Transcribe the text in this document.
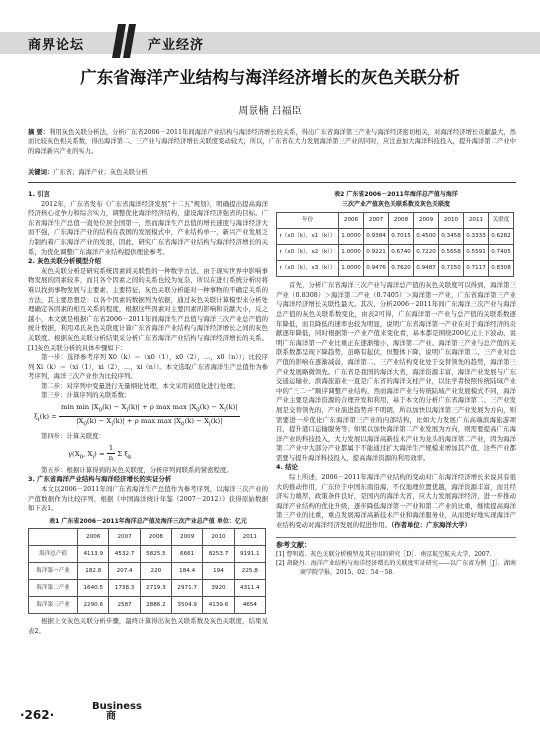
商界论坛	产业经济
广东省海洋产业结构与海洋经济增长的灰色关联分析
周景楠 吕福臣
摘 要：利用灰色关联分析法，分析广东省2006－2011年间海洋产业结构与海洋经济增长的关系，得出广东省海洋第三产业与海洋经济密切相关，对海洋经济增长贡献最大，然而比较灰色相关系数，得出海洋第二、三产业与海洋经济增长关联度变动较大，所以，广东省在大力发展海洋第三产业的同时，应注意加大海洋科技投入，提升海洋第二产业中的海洋新兴产业的实力。
关键词：广东省；海洋产业；灰色关联分析

1. 引言

2012年，广东省发布《广东省海洋经济发展“十二五”规划》，明确提出提高海洋经济核心竞争力和综合实力，调整优化海洋经济结构，建设海洋经济强省的目标。广东省海洋生产总值一直处位居全国第一，然而海洋生产总值的增长速度与海洋经济大而不强，广东海洋产业的结构在我国的发展模式中，产业结构单一，新兴产业发展乏力制约着广东海洋产业的发展，因此，研究广东省海洋产业结构与海洋经济增长的关系，为优化调整广东海洋产业结构提供理论参考。

2. 灰色关联分析模型介绍

灰色关联分析是研究系统因素间关联性的一种数学方法，由于现实世界中影响事物发展的因素较多，而且各个因素之间的关系也较为复杂，所以在进行系统分析时将难以找到事物发展与主要素、主要特征，灰色关联分析能对一种事物的不确定关系的方法，其主要思想是：以各个因素的数据列为依据，通过灰色关联计算模型来分析处理确定各因素的相互关系的程度，根据这些因素对主要因素的影响和贡献大小，反之越小，本文就是根据广东省2006－2011年间海洋生产总值与海洋三次产业总产值的统计数据，利用邓氏灰色关联度计算广东省海洋产业结构与海洋经济增长之间的灰色关联度。根据灰色关联分析结果采分析广东省海洋产业结构与海洋经济增长的关系。[1]灰色关联分析的具体步骤如下：

第一步：选择参考序列 X0（k）＝（x0（1），x0（2），…，x0（n））；比较序列 Xi（k）＝（xi（1），xi（2），…，xi（n））。本文选取广东省海洋生产总值作为参考序列，海洋三次产业作为比较序列。

第二步：对序列中变量进行无量纲化处理，本文采用初值化进行处理；

第三步：计算序列的关联系数：

$\xi_i(k) = \frac{\min \min |X_0(k) - X_i(k)| + \rho \max \max |X_0(k) - X_i(k)|}{|X_0(k) - X_i(k)| + \rho \max \max |X_0(k) - X_i(k)|}$

第四步：计算关联度：

$\gamma(X_0$, $X_i) = \frac{1}{n}$ Σ $\xi_k$

第五步：根据计算得到的灰色关联度，分析序列间联系的紧密程度。

3. 广东省海洋产业结构与海洋经济增长的实证分析

本文以2006－2011年间广东省海洋生产总值作为参考序列，以海洋三次产业的产值数据作为比较序列，根据《中国海洋统计年鉴（2007－2012）》获得原始数据如下表1。

表1 广东省2006－2011年海洋总产值及海洋三次产业总产值 单位：亿元
	2006	2007	2008	2009	2010	2011
海洋总产值	4113.9	4532.7	5825.5	6661	8253.7	9191.1
海洋第一产业	182.8	207.4	220	184.4	194	225.8
海洋第二产业	1640.5	1738.3	2719.3	2971.7	3920	4311.4
海洋第三产业	2290.6	2587	2886.2	3504.9	4139.6	4654

根据上文灰色关联分析步骤，最终计算得出灰色关联系数及灰色关联度，结果见表2。

表2 广东省2006－2011年海洋总产值与海洋
三次产业产值灰色关联系数及灰色关联度
年份	2006	2007	2008	2009	2010	2011	关联度
r（x0（k），x1（k））	1.0000	0.9384	0.7015	0.4500	0.3458	0.3333	0.6282
r（x0（k），x2（k））	1.0000	0.9221	0.6740	0.7220	0.5658	0.5591	0.7405
r（x0（k），x3（k））	1.0000	0.9476	0.7620	0.9487	0.7150	0.7117	0.8308

首先，分析广东省海洋三次产业与海洋总产值的灰色关联度可以得到，海洋第三产业（0.8308）＞海洋第二产业（0.7405）＞海洋第一产业，广东省海洋第三产业与海洋经济增长关联性最大。其次，分析2006－2011年间广东海洋三次产业与海洋总产值的灰色关联系数变化，由表2可得，广东海洋第一产业与总产值的关联系数逐年降低，而且降低的速率也较为明显，说明广东省海洋第一产业在对于海洋经济的贡献逐年降低，同时根据第一产业产值来变化看，基本都是围绕200亿元上下波动，说明广东海洋第一产业比重正在逐渐缩小，海洋第二产业、海洋第三产业与总产值的关联系数都呈现下降趋势，虽略有起伏，但整体下降，说明广东海洋第二、三产业对总产值的影响在逐渐减弱，海洋第二、三产业结构变化处于交替领先的趋势，海洋第三产业发展略微领先。广东省是我国的海洋大省，海洋资源丰富，海洋产业发展与广东交通运输业、滨海旅游业一直是广东省的海洋支柱产业，以往学者按照传统陆域产业中的“三二一”顺序调整产业结构，然而海洋产业与传统陆域产业发展模式不同，海洋产业主要是海洋资源的合理开发和利用，基于本文的分析广东省海洋第二、三产业发展是交替领先的，产业演进趋势并不明朗，所以加快以海洋第三产业发展为方向，则需要进一步优化广东海洋第三产业的内部结构，比如大力发展广东高端滨海旅游项目，提升港口运输服务等；如果以加快海洋第二产业发展为方向，则需要提高广东海洋产业的科技投入，大力发展以海洋高新技术产业为龙头的海洋第二产业，因为海洋第二产业中大部分产业都属于不能通过扩大海洋生产规模来增加其产值，这些产业都需要与提升海洋科技投入，提高海洋资源的利用效率。

4. 结论

综上所述，2006－2011年海洋产业结构的变动对广东海洋经济增长来说具有很大的推动作用，广东位于中国东南沿海，不仅地理位置优越，海洋资源丰富，而且经济实力雄厚，政策条件良好，是国内的海洋大省，应大力发展海洋经济，进一步推动海洋产业结构的优化升级，逐步降低海洋第一产业和第二产业的比重，继续提高海洋第三产业的比重，重点发展海洋高新技术产业和海洋服务业，从而更好地实现海洋产业结构变动对海洋经济发展的促进作用。（作者单位：广东海洋大学）

参考文献：
[1] 曹明霞．灰色关联分析模型及其应用的研究［D］．南京航空航天大学，2007．
[2] 胡晓丹．海洋产业结构与海洋经济增长的关联度实证研究——以广东省为例［J］．湖南商学院学报，2015，02：54－58．
·262·
Business
商
